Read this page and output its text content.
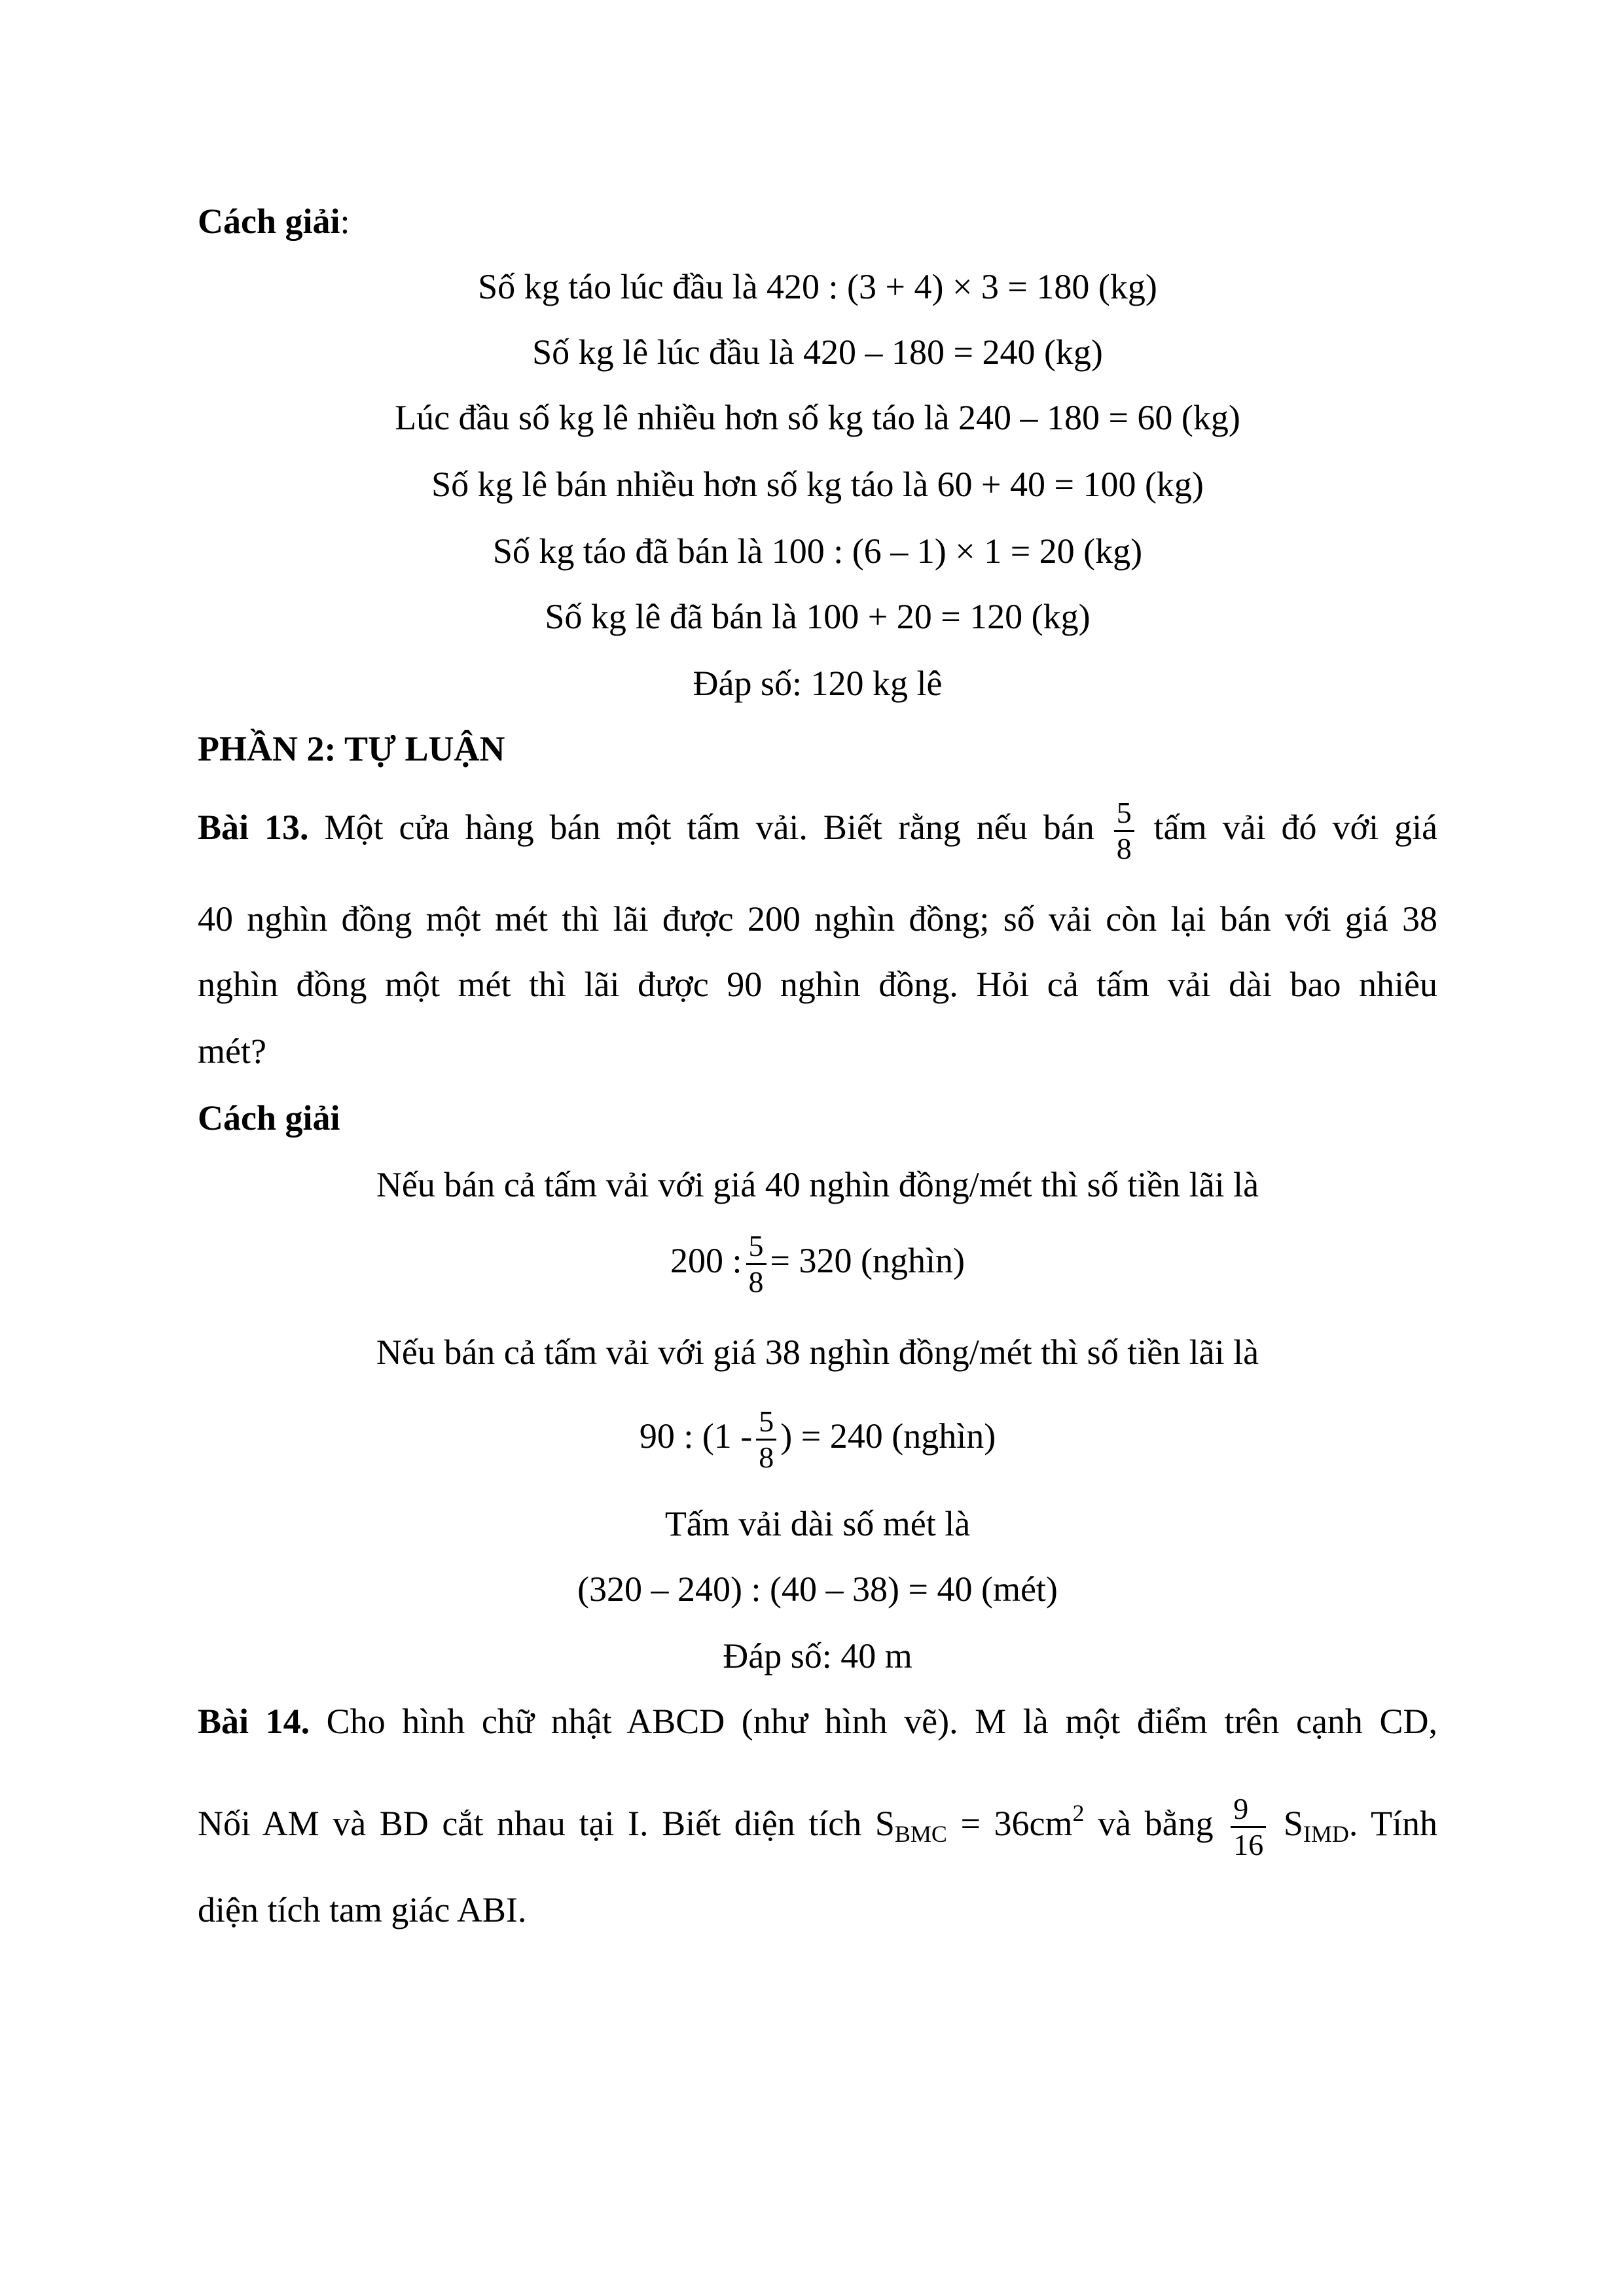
Cách giải:
Số kg táo lúc đầu là 420 : (3 + 4) × 3 = 180 (kg)
Số kg lê lúc đầu là 420 – 180 = 240 (kg)
Lúc đầu số kg lê nhiều hơn số kg táo là 240 – 180 = 60 (kg)
Số kg lê bán nhiều hơn số kg táo là 60 + 40 = 100 (kg)
Số kg táo đã bán là 100 : (6 – 1) × 1 = 20 (kg)
Số kg lê đã bán là 100 + 20 = 120 (kg)
Đáp số: 120 kg lê
PHẦN 2: TỰ LUẬN
Bài 13. Một cửa hàng bán một tấm vải. Biết rằng nếu bán $\frac{5}{8}$ tấm vải đó với giá
40 nghìn đồng một mét thì lãi được 200 nghìn đồng; số vải còn lại bán với giá 38
nghìn đồng một mét thì lãi được 90 nghìn đồng. Hỏi cả tấm vải dài bao nhiêu
mét?
Cách giải
Nếu bán cả tấm vải với giá 40 nghìn đồng/mét thì số tiền lãi là
200 : $\frac{5}{8} = 320$ (nghìn)
Nếu bán cả tấm vải với giá 38 nghìn đồng/mét thì số tiền lãi là
90 : ($1 - \frac{5}{8}$ ) = 240 (nghìn)
Tấm vải dài số mét là
(320 – 240) : (40 – 38) = 40 (mét)
Đáp số: 40 m
Bài 14. Cho hình chữ nhật ABCD (như hình vẽ). M là một điểm trên cạnh CD,
Nối AM và BD cắt nhau tại I. Biết diện tích $S_{BMC} = 36cm^2$ và bằng $\frac{9}{16} S_{IMD}$. Tính
diện tích tam giác ABI.
